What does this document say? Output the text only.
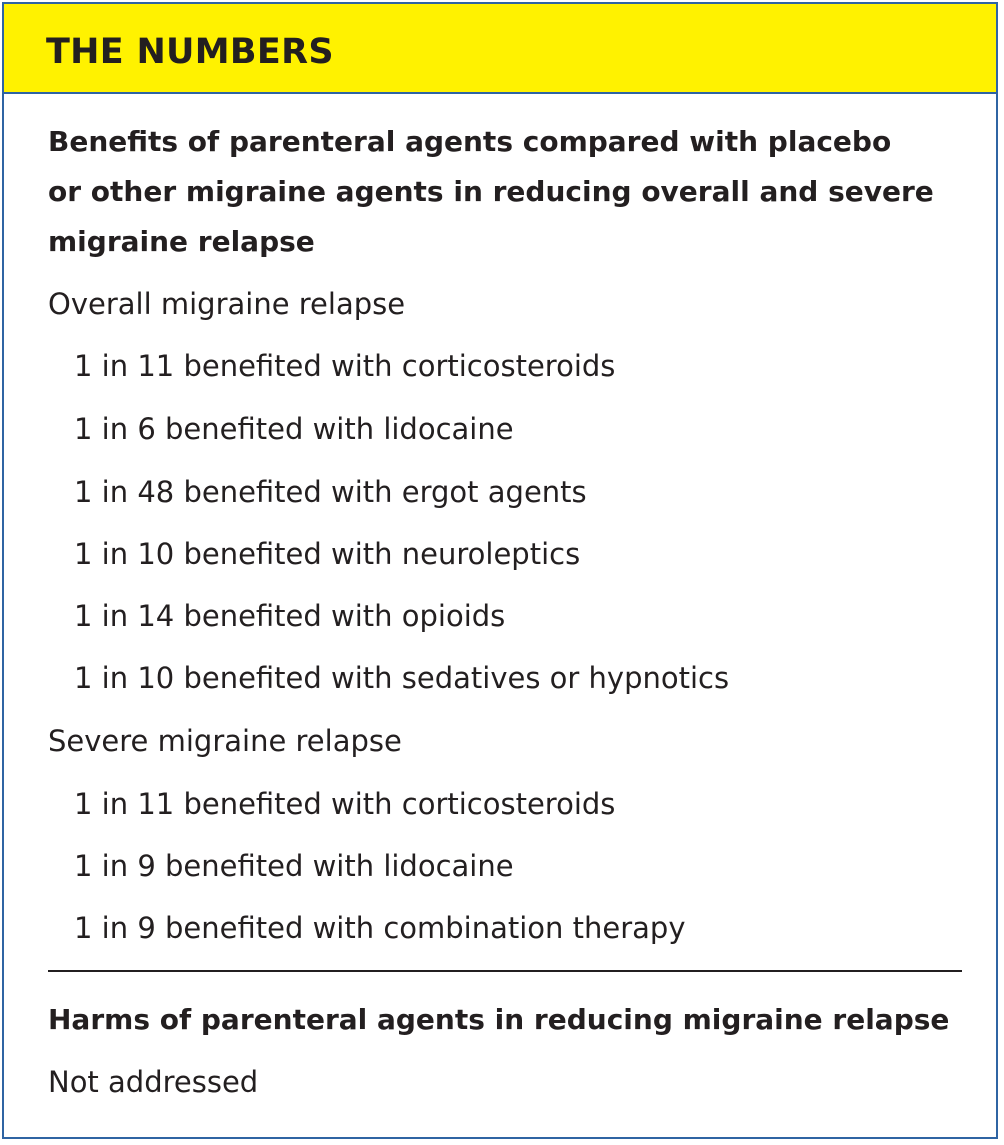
THE NUMBERS
Benefits of parenteral agents compared with placebo
or other migraine agents in reducing overall and severe
migraine relapse
Overall migraine relapse
1 in 11 benefited with corticosteroids
1 in 6 benefited with lidocaine
1 in 48 benefited with ergot agents
1 in 10 benefited with neuroleptics
1 in 14 benefited with opioids
1 in 10 benefited with sedatives or hypnotics
Severe migraine relapse
1 in 11 benefited with corticosteroids
1 in 9 benefited with lidocaine
1 in 9 benefited with combination therapy
Harms of parenteral agents in reducing migraine relapse
Not addressed
